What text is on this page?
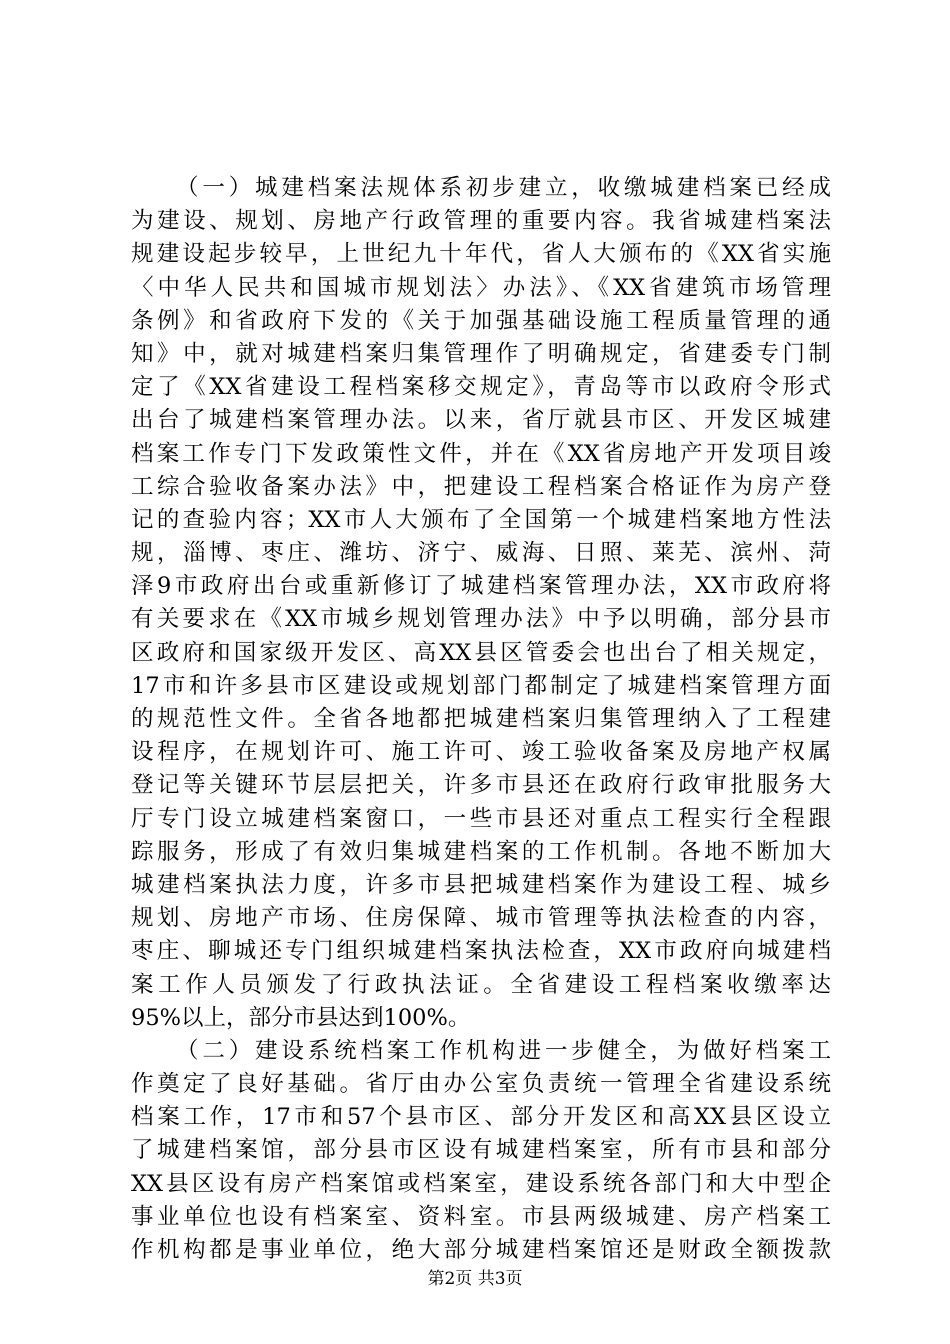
（一）城建档案法规体系初步建立，收缴城建档案已经成
为建设、规划、房地产行政管理的重要内容。我省城建档案法
规建设起步较早，上世纪九十年代，省人大颁布的《XX省实施
〈中华人民共和国城市规划法〉办法》、《XX省建筑市场管理
条例》和省政府下发的《关于加强基础设施工程质量管理的通
知》中，就对城建档案归集管理作了明确规定，省建委专门制
定了《XX省建设工程档案移交规定》，青岛等市以政府令形式
出台了城建档案管理办法。以来，省厅就县市区、开发区城建
档案工作专门下发政策性文件，并在《XX省房地产开发项目竣
工综合验收备案办法》中，把建设工程档案合格证作为房产登
记的查验内容；XX市人大颁布了全国第一个城建档案地方性法
规，淄博、枣庄、潍坊、济宁、威海、日照、莱芜、滨州、菏
泽9市政府出台或重新修订了城建档案管理办法，XX市政府将
有关要求在《XX市城乡规划管理办法》中予以明确，部分县市
区政府和国家级开发区、高XX县区管委会也出台了相关规定，
17市和许多县市区建设或规划部门都制定了城建档案管理方面
的规范性文件。全省各地都把城建档案归集管理纳入了工程建
设程序，在规划许可、施工许可、竣工验收备案及房地产权属
登记等关键环节层层把关，许多市县还在政府行政审批服务大
厅专门设立城建档案窗口，一些市县还对重点工程实行全程跟
踪服务，形成了有效归集城建档案的工作机制。各地不断加大
城建档案执法力度，许多市县把城建档案作为建设工程、城乡
规划、房地产市场、住房保障、城市管理等执法检查的内容，
枣庄、聊城还专门组织城建档案执法检查，XX市政府向城建档
案工作人员颁发了行政执法证。全省建设工程档案收缴率达
95%以上，部分市县达到100%。
（二）建设系统档案工作机构进一步健全，为做好档案工
作奠定了良好基础。省厅由办公室负责统一管理全省建设系统
档案工作，17市和57个县市区、部分开发区和高XX县区设立
了城建档案馆，部分县市区设有城建档案室，所有市县和部分
XX县区设有房产档案馆或档案室，建设系统各部门和大中型企
事业单位也设有档案室、资料室。市县两级城建、房产档案工
作机构都是事业单位，绝大部分城建档案馆还是财政全额拨款
第2页 共3页
